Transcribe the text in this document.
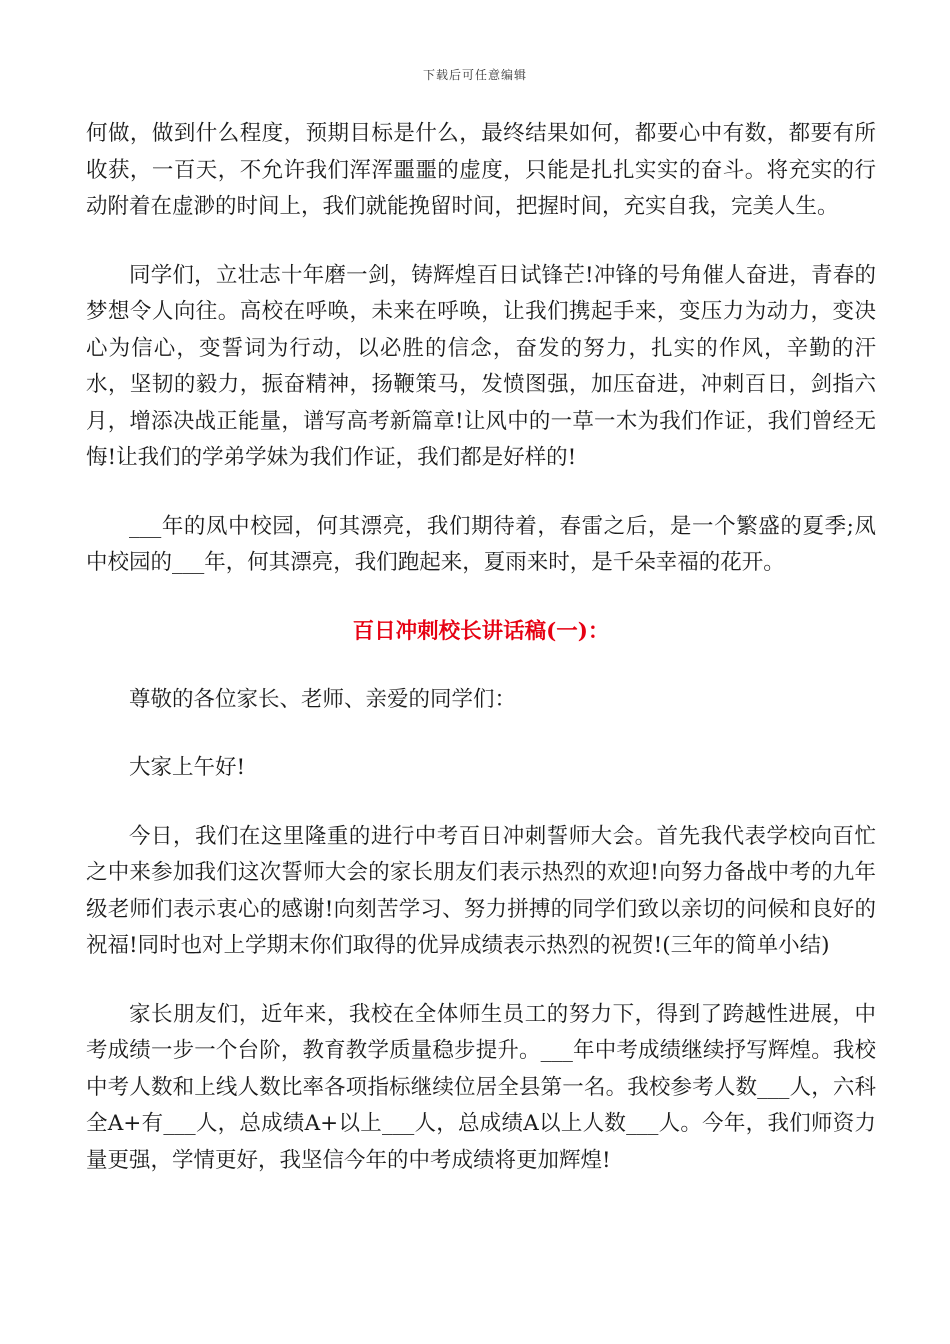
下载后可任意编辑

何做，做到什么程度，预期目标是什么，最终结果如何，都要心中有数，都要有所收获，一百天，不允许我们浑浑噩噩的虚度，只能是扎扎实实的奋斗。将充实的行动附着在虚渺的时间上，我们就能挽留时间，把握时间，充实自我，完美人生。

同学们，立壮志十年磨一剑，铸辉煌百日试锋芒!冲锋的号角催人奋进，青春的梦想令人向往。高校在呼唤，未来在呼唤，让我们携起手来，变压力为动力，变决心为信心，变誓词为行动，以必胜的信念，奋发的努力，扎实的作风，辛勤的汗水，坚韧的毅力，振奋精神，扬鞭策马，发愤图强，加压奋进，冲刺百日，剑指六月，增添决战正能量，谱写高考新篇章!让风中的一草一木为我们作证，我们曾经无悔!让我们的学弟学妹为我们作证，我们都是好样的!

___年的凤中校园，何其漂亮，我们期待着，春雷之后，是一个繁盛的夏季;凤中校园的___年，何其漂亮，我们跑起来，夏雨来时，是千朵幸福的花开。

百日冲刺校长讲话稿(一)：

尊敬的各位家长、老师、亲爱的同学们：

大家上午好!

今日，我们在这里隆重的进行中考百日冲刺誓师大会。首先我代表学校向百忙之中来参加我们这次誓师大会的家长朋友们表示热烈的欢迎!向努力备战中考的九年级老师们表示衷心的感谢!向刻苦学习、努力拼搏的同学们致以亲切的问候和良好的祝福!同时也对上学期末你们取得的优异成绩表示热烈的祝贺!(三年的简单小结)

家长朋友们，近年来，我校在全体师生员工的努力下，得到了跨越性进展，中考成绩一步一个台阶，教育教学质量稳步提升。___年中考成绩继续抒写辉煌。我校中考人数和上线人数比率各项指标继续位居全县第一名。我校参考人数___人，六科全A+有___人，总成绩A+以上___人，总成绩A以上人数___人。今年，我们师资力量更强，学情更好，我坚信今年的中考成绩将更加辉煌!
